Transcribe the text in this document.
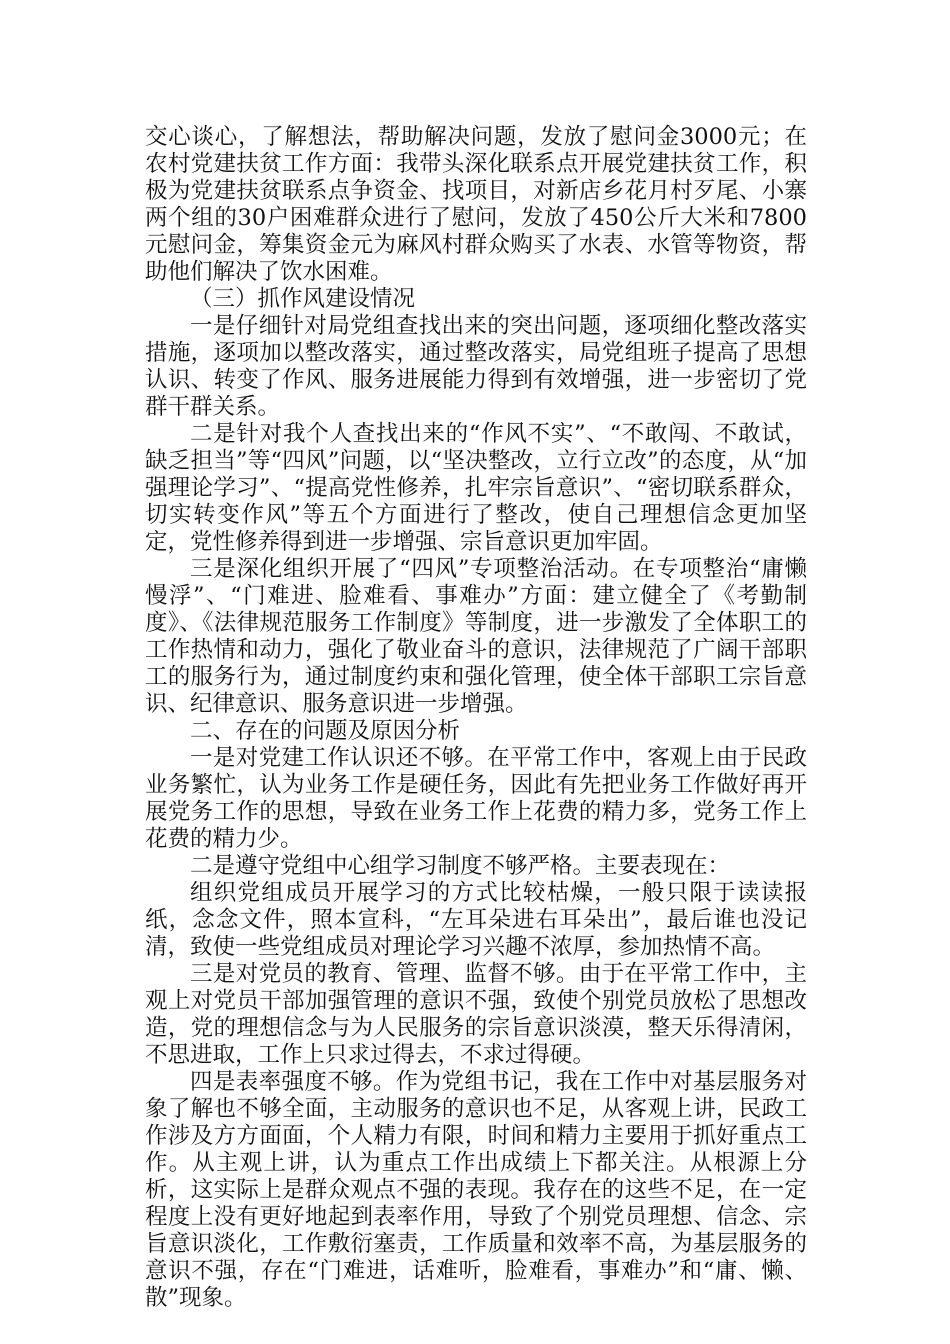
交心谈心，了解想法，帮助解决问题，发放了慰问金3000元；在农村党建扶贫工作方面：我带头深化联系点开展党建扶贫工作，积极为党建扶贫联系点争资金、找项目，对新店乡花月村歹尾、小寨两个组的30户困难群众进行了慰问，发放了450公斤大米和7800元慰问金，筹集资金元为麻风村群众购买了水表、水管等物资，帮助他们解决了饮水困难。

（三）抓作风建设情况

一是仔细针对局党组查找出来的突出问题，逐项细化整改落实措施，逐项加以整改落实，通过整改落实，局党组班子提高了思想认识、转变了作风、服务进展能力得到有效增强，进一步密切了党群干群关系。

二是针对我个人查找出来的“作风不实”、“不敢闯、不敢试，缺乏担当”等“四风”问题，以“坚决整改，立行立改”的态度，从“加强理论学习”、“提高党性修养，扎牢宗旨意识”、“密切联系群众，切实转变作风”等五个方面进行了整改，使自己理想信念更加坚定，党性修养得到进一步增强、宗旨意识更加牢固。

三是深化组织开展了“四风”专项整治活动。在专项整治“庸懒慢浮”、“门难进、脸难看、事难办”方面：建立健全了《考勤制度》、《法律规范服务工作制度》等制度，进一步激发了全体职工的工作热情和动力，强化了敬业奋斗的意识，法律规范了广阔干部职工的服务行为，通过制度约束和强化管理，使全体干部职工宗旨意识、纪律意识、服务意识进一步增强。

二、存在的问题及原因分析

一是对党建工作认识还不够。在平常工作中，客观上由于民政业务繁忙，认为业务工作是硬任务，因此有先把业务工作做好再开展党务工作的思想，导致在业务工作上花费的精力多，党务工作上花费的精力少。

二是遵守党组中心组学习制度不够严格。主要表现在：

组织党组成员开展学习的方式比较枯燥，一般只限于读读报纸，念念文件，照本宣科，“左耳朵进右耳朵出”，最后谁也没记清，致使一些党组成员对理论学习兴趣不浓厚，参加热情不高。

三是对党员的教育、管理、监督不够。由于在平常工作中，主观上对党员干部加强管理的意识不强，致使个别党员放松了思想改造，党的理想信念与为人民服务的宗旨意识淡漠，整天乐得清闲，不思进取，工作上只求过得去，不求过得硬。

四是表率强度不够。作为党组书记，我在工作中对基层服务对象了解也不够全面，主动服务的意识也不足，从客观上讲，民政工作涉及方方面面，个人精力有限，时间和精力主要用于抓好重点工作。从主观上讲，认为重点工作出成绩上下都关注。从根源上分析，这实际上是群众观点不强的表现。我存在的这些不足，在一定程度上没有更好地起到表率作用，导致了个别党员理想、信念、宗旨意识淡化，工作敷衍塞责，工作质量和效率不高，为基层服务的意识不强，存在“门难进，话难听，脸难看，事难办”和“庸、懒、散”现象。
